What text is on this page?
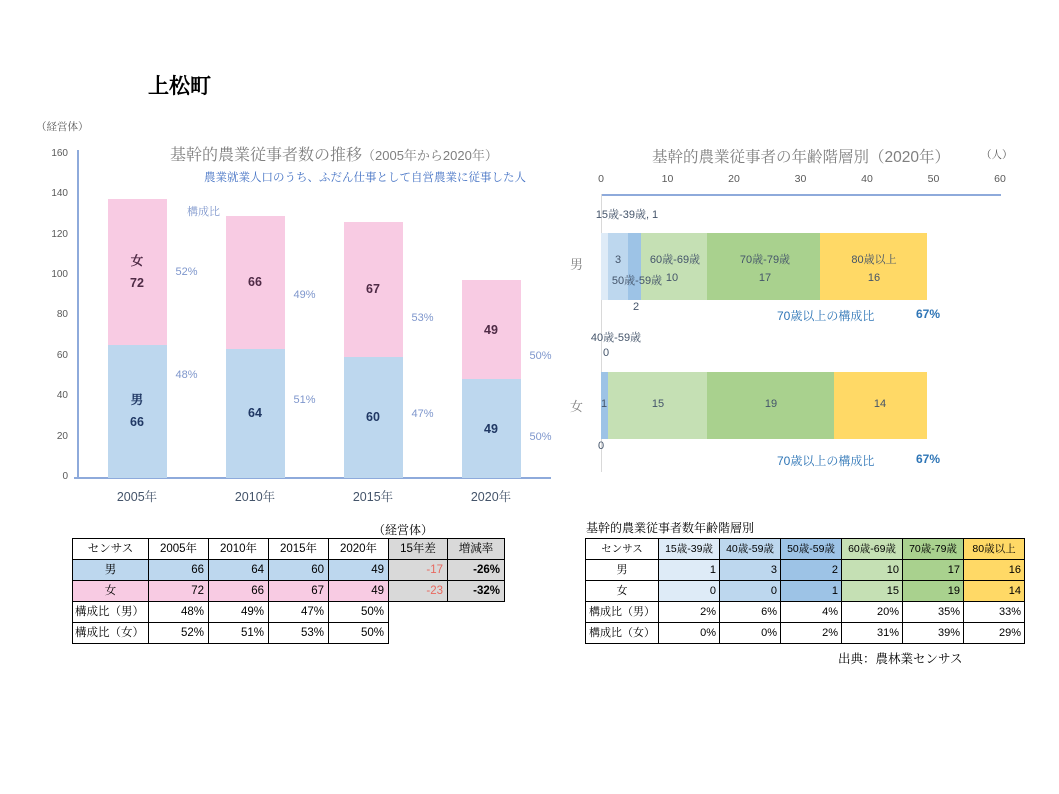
上松町
（経営体）
基幹的農業従事者数の推移（2005年から2020年）
農業就業人口のうち、ふだん仕事として自営農業に従事した人
構成比
0
20
40
60
80
100
120
140
160
女
72
男
66
52%
48%
2005年
66
64
49%
51%
2010年
67
60
53%
47%
2015年
49
49
50%
50%
2020年
基幹的農業従事者の年齢階層別（2020年）	（人）
0	10	20	30	40	50	60
男
70歳以上の構成比	67%
女
70歳以上の構成比	67%
15歳-39歳, 1
3	60歳-69歳
50歳-59歳 10
2
70歳-79歳
17
80歳以上
16
40歳-59歳
0
1	15	19	14
0
（経営体）
センサス	2005年	2010年	2015年	2020年	15年差	増減率
男	66	64	60	49	-17	-26%
女	72	66	67	49	-23	-32%
構成比（男）	48%	49%	47%	50%		
構成比（女）	52%	51%	53%	50%		
基幹的農業従事者数年齢階層別
センサス	15歳-39歳	40歳-59歳	50歳-59歳	60歳-69歳	70歳-79歳	80歳以上
男	1	3	2	10	17	16
女	0	0	1	15	19	14
構成比（男）	2%	6%	4%	20%	35%	33%
構成比（女）	0%	0%	2%	31%	39%	29%
出典：農林業センサス
